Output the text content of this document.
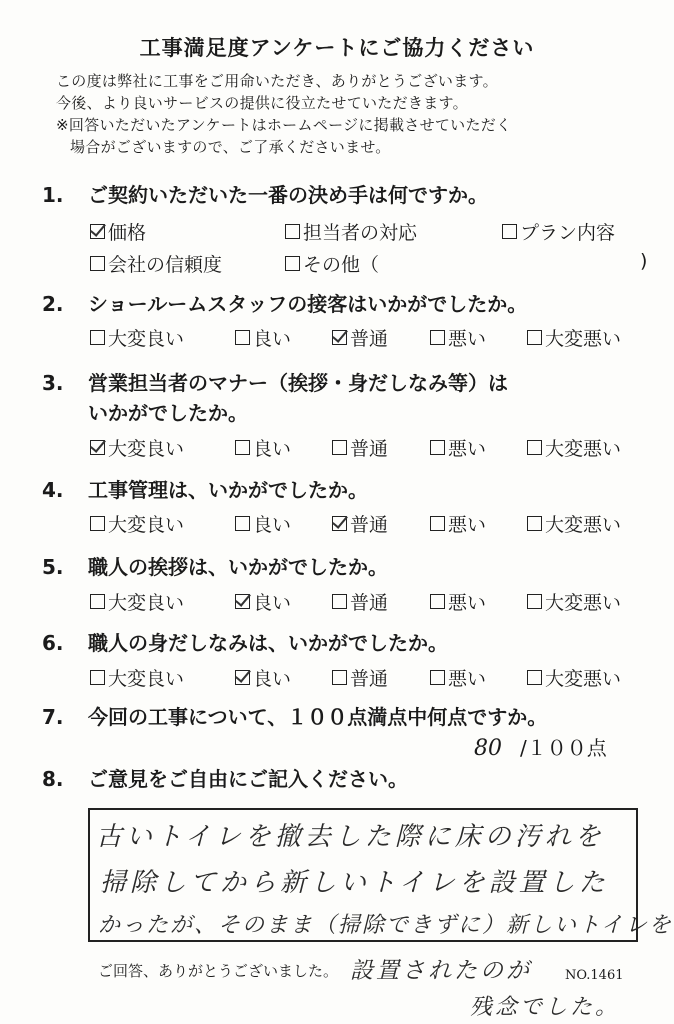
工事満足度アンケートにご協力ください
この度は弊社に工事をご用命いただき、ありがとうございます。
今後、より良いサービスの提供に役立たせていただきます。
※回答いただいたアンケートはホームページに掲載させていただく
場合がございますので、ご了承くださいませ。
1. ご契約いただいた一番の決め手は何ですか。
価格	担当者の対応	プラン内容
会社の信頼度	その他（	)
2. ショールームスタッフの接客はいかがでしたか。
大変良い	良い	普通	悪い	大変悪い
3. 営業担当者のマナー（挨拶・身だしなみ等）は
いかがでしたか。
大変良い	良い	普通	悪い	大変悪い
4. 工事管理は、いかがでしたか。
大変良い	良い	普通	悪い	大変悪い
5. 職人の挨拶は、いかがでしたか。
大変良い	良い	普通	悪い	大変悪い
6. 職人の身だしなみは、いかがでしたか。
大変良い	良い	普通	悪い	大変悪い
7. 今回の工事について、１００点満点中何点ですか。
80 /１００点
8. ご意見をご自由にご記入ください。
古いトイレを撤去した際に床の汚れを
掃除してから新しいトイレを設置した
かったが、そのまま（掃除できずに）新しいトイレを
設置されたのが
残念でした。
ご回答、ありがとうございました。	NO.1461
